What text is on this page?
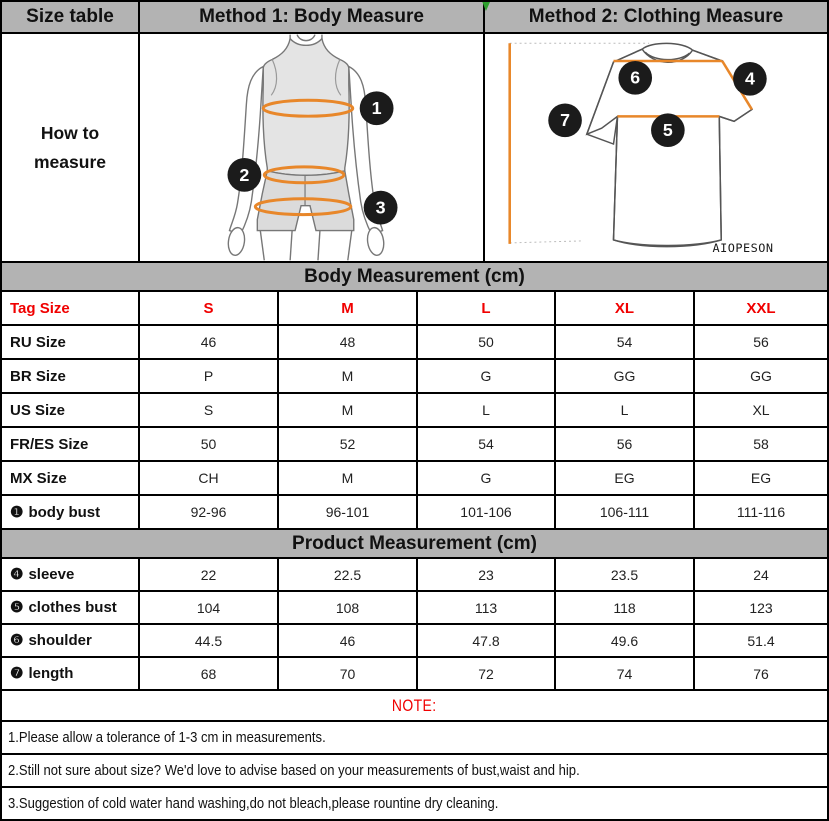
Size table	Method 1: Body Measure	Method 2: Clothing Measure
How to
measure
1
2
3
6	4
7	5
AIOPESON
Body Measurement (cm)
Tag Size	S	M	L	XL	XXL
RU Size	46	48	50	54	56
BR Size	P	M	G	GG	GG
US Size	S	M	L	L	XL
FR/ES Size	50	52	54	56	58
MX Size	CH	M	G	EG	EG
❶ body bust	92-96	96-101	101-106	106-111	111-116
Product Measurement (cm)
❹ sleeve	22	22.5	23	23.5	24
❺ clothes bust	104	108	113	118	123
❻ shoulder	44.5	46	47.8	49.6	51.4
❼ length	68	70	72	74	76
NOTE:
1.Please allow a tolerance of 1-3 cm in measurements.
2.Still not sure about size? We'd love to advise based on your measurements of bust,waist and hip.
3.Suggestion of cold water hand washing,do not bleach,please rountine dry cleaning.
